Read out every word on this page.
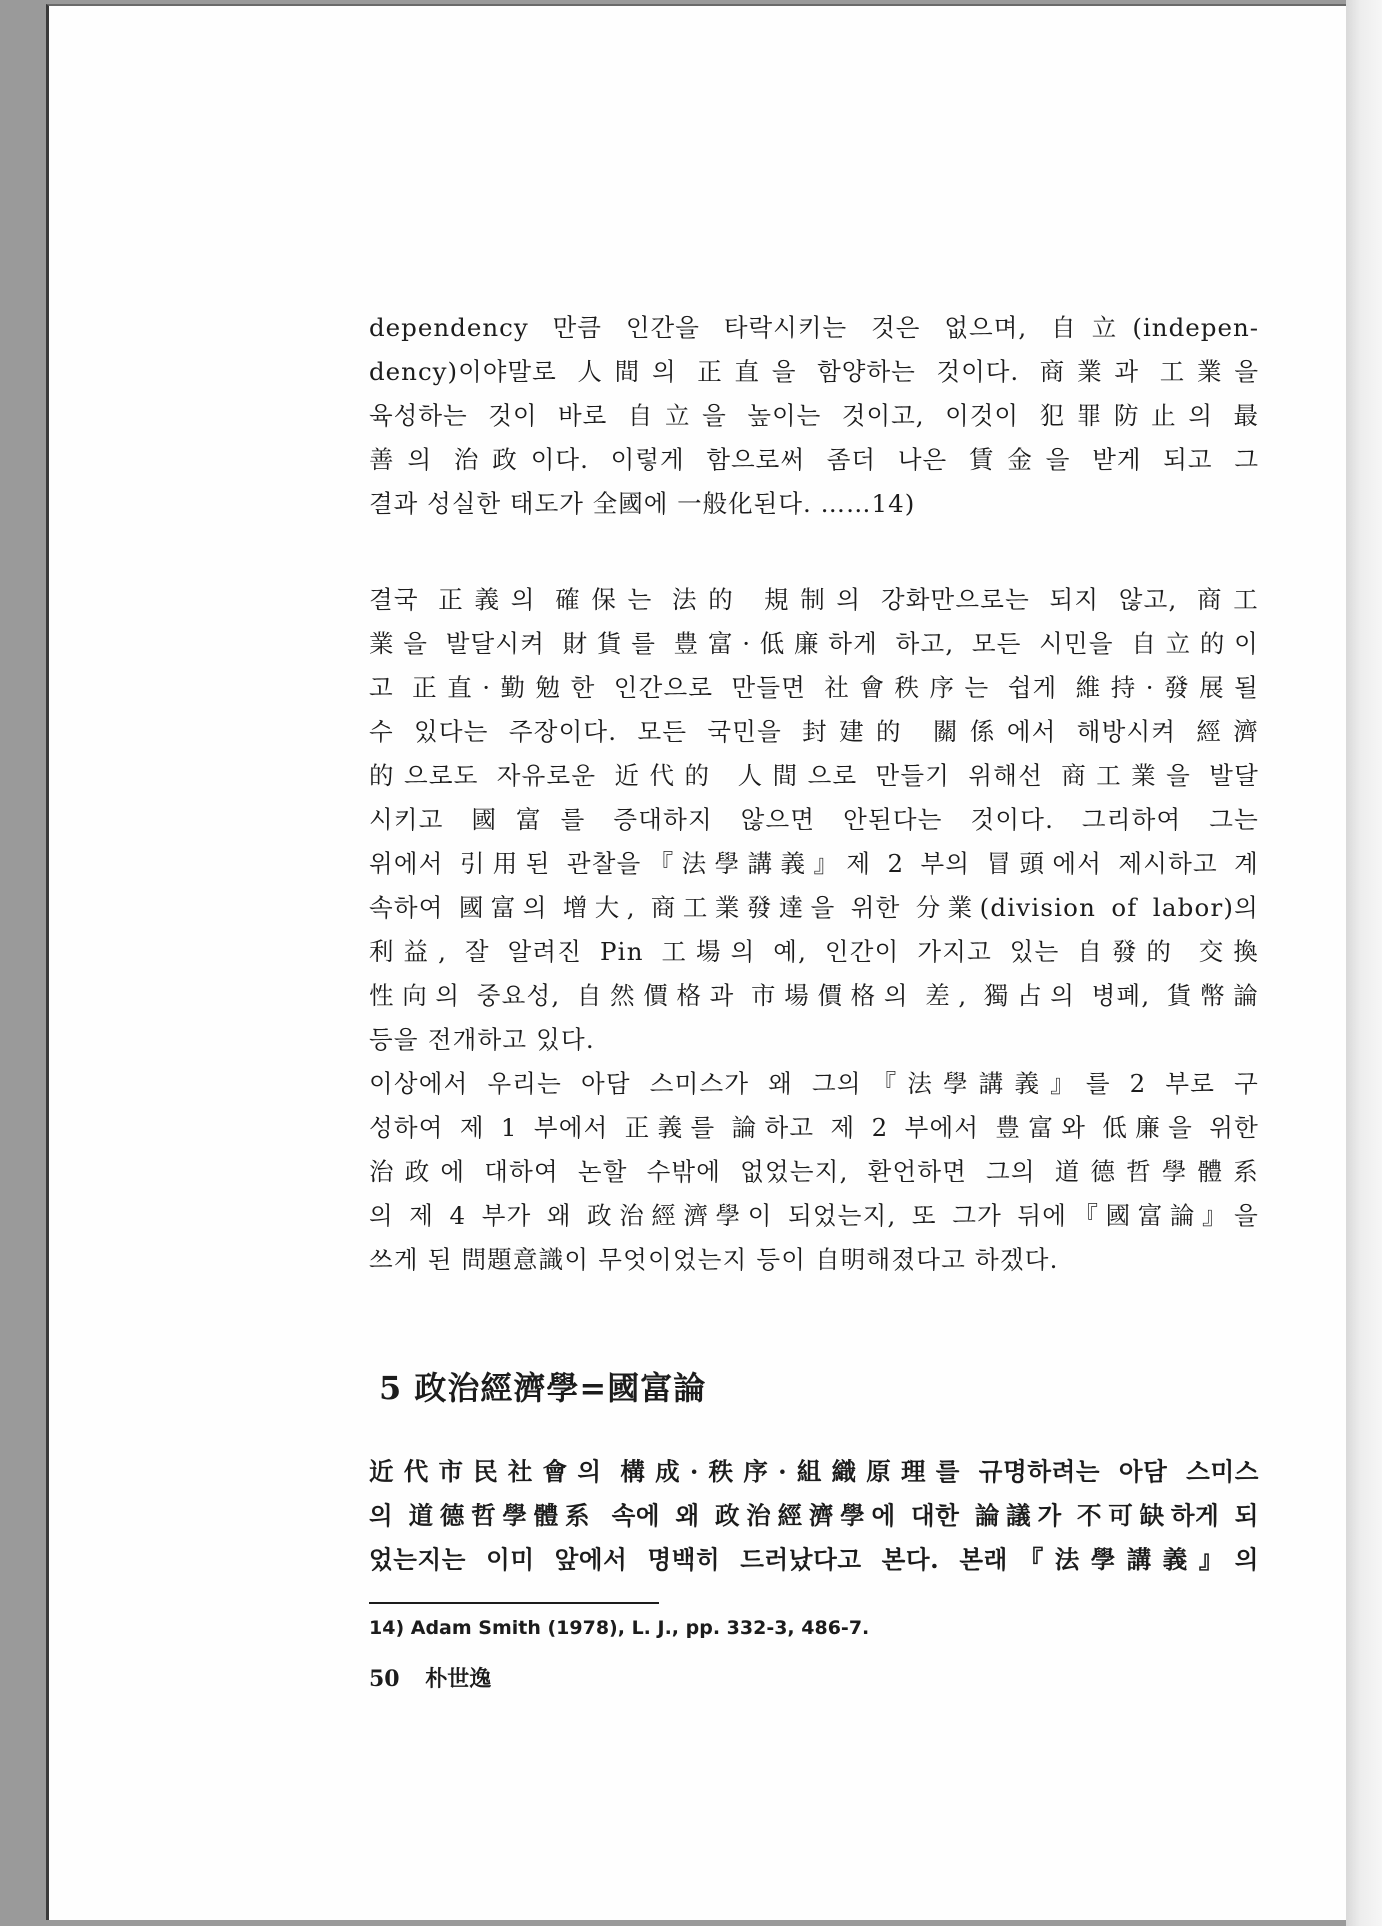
dependency 만큼 인간을 타락시키는 것은 없으며, 自立(indepen-
dency)이야말로 人間의 正直을 함양하는 것이다. 商業과 工業을
육성하는 것이 바로 自立을 높이는 것이고, 이것이 犯罪防止의 最
善의 治政이다. 이렇게 함으로써 좀더 나은 賃金을 받게 되고 그
결과 성실한 태도가 全國에 一般化된다. ……14)
결국 正義의 確保는 法的 規制의 강화만으로는 되지 않고, 商工
業을 발달시켜 財貨를 豊富·低廉하게 하고, 모든 시민을 自立的이
고 正直·勤勉한 인간으로 만들면 社會秩序는 쉽게 維持·發展될
수 있다는 주장이다. 모든 국민을 封建的 關係에서 해방시켜 經濟
的으로도 자유로운 近代的 人間으로 만들기 위해선 商工業을 발달
시키고 國富를 증대하지 않으면 안된다는 것이다. 그리하여 그는
위에서 引用된 관찰을『法學講義』제 2 부의 冒頭에서 제시하고 계
속하여 國富의 增大, 商工業發達을 위한 分業(division of labor)의
利益, 잘 알려진 Pin 工場의 예, 인간이 가지고 있는 自發的 交換
性向의 중요성, 自然價格과 市場價格의 差, 獨占의 병폐, 貨幣論
등을 전개하고 있다.
이상에서 우리는 아담 스미스가 왜 그의『法學講義』를 2 부로 구
성하여 제 1 부에서 正義를 論하고 제 2 부에서 豊富와 低廉을 위한
治政에 대하여 논할 수밖에 없었는지, 환언하면 그의 道德哲學體系
의 제 4 부가 왜 政治經濟學이 되었는지, 또 그가 뒤에『國富論』을
쓰게 된 問題意識이 무엇이었는지 등이 自明해졌다고 하겠다.
5 政治經濟學=國富論
近代市民社會의 構成·秩序·組織原理를 규명하려는 아담 스미스
의 道德哲學體系 속에 왜 政治經濟學에 대한 論議가 不可缺하게 되
었는지는 이미 앞에서 명백히 드러났다고 본다. 본래『法學講義』의

14) Adam Smith (1978), L. J., pp. 332-3, 486-7.

50 朴世逸
